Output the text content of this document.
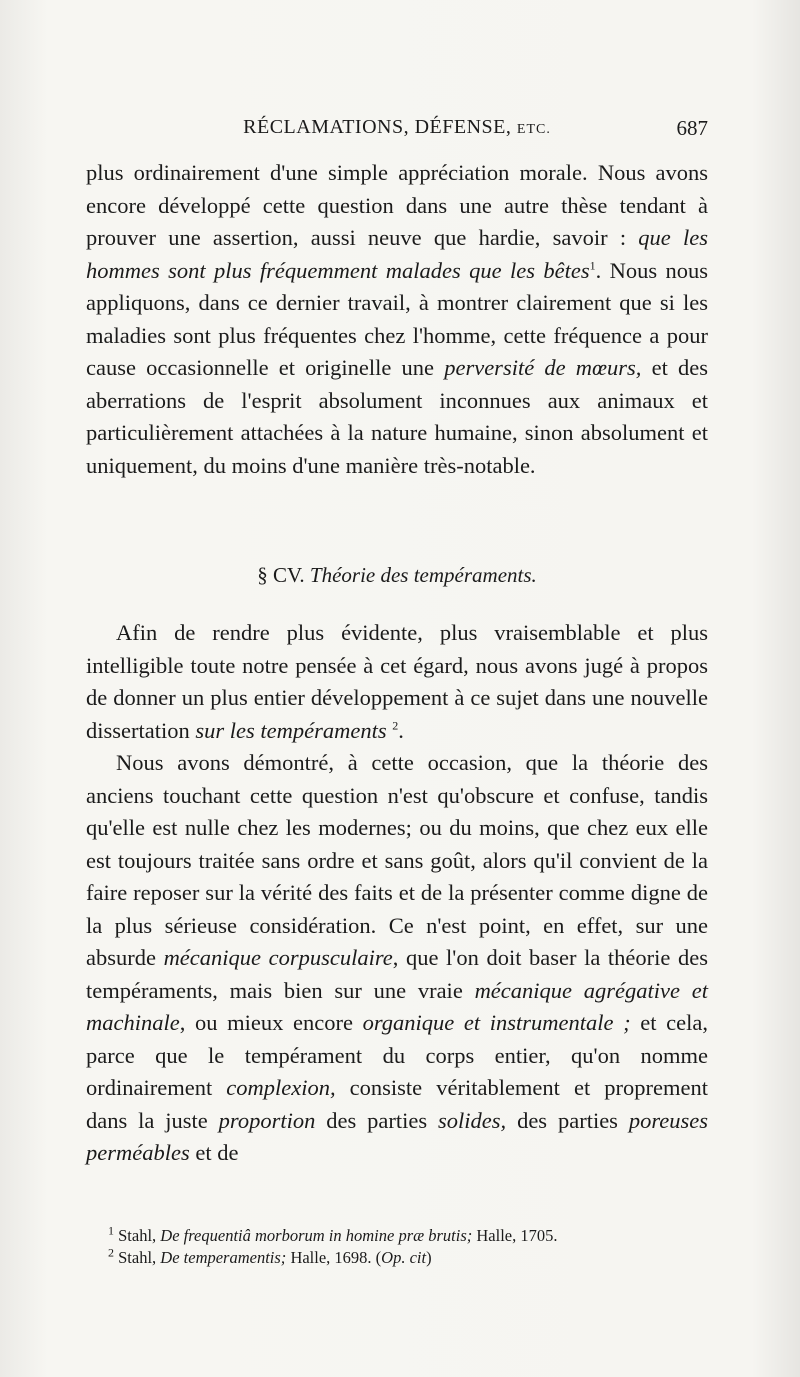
RÉCLAMATIONS, DÉFENSE, ETC.	687

plus ordinairement d'une simple appréciation morale. Nous avons encore développé cette question dans une autre thèse tendant à prouver une assertion, aussi neuve que hardie, savoir : que les hommes sont plus fréquemment malades que les bêtes$^1$. Nous nous appliquons, dans ce dernier travail, à montrer clairement que si les maladies sont plus fréquentes chez l'homme, cette fréquence a pour cause occasionnelle et originelle une perversité de mœurs, et des aberrations de l'esprit absolument inconnues aux animaux et particulièrement attachées à la nature humaine, sinon absolument et uniquement, du moins d'une manière très-notable.

§ CV. Théorie des tempéraments.

Afin de rendre plus évidente, plus vraisemblable et plus intelligible toute notre pensée à cet égard, nous avons jugé à propos de donner un plus entier développement à ce sujet dans une nouvelle dissertation sur les tempéraments $^2$.

Nous avons démontré, à cette occasion, que la théorie des anciens touchant cette question n'est qu'obscure et confuse, tandis qu'elle est nulle chez les modernes; ou du moins, que chez eux elle est toujours traitée sans ordre et sans goût, alors qu'il convient de la faire reposer sur la vérité des faits et de la présenter comme digne de la plus sérieuse considération. Ce n'est point, en effet, sur une absurde mécanique corpusculaire, que l'on doit baser la théorie des tempéraments, mais bien sur une vraie mécanique agrégative et machinale, ou mieux encore organique et instrumentale ; et cela, parce que le tempérament du corps entier, qu'on nomme ordinairement complexion, consiste véritablement et proprement dans la juste proportion des parties solides, des parties poreuses perméables et de

$^1$ Stahl, De frequentiâ morborum in homine præ brutis; Halle, 1705.
$^2$ Stahl, De temperamentis; Halle, 1698. (Op. cit)
